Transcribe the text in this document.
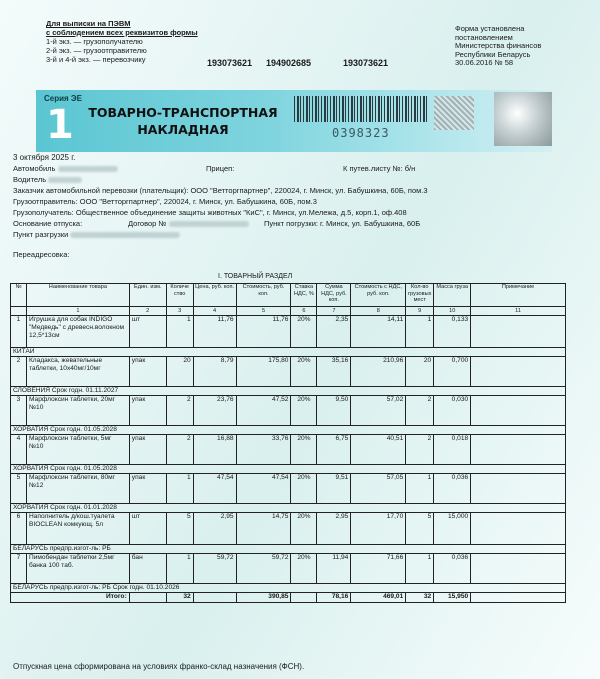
Для выписки на ПЭВМ
с соблюдением всех реквизитов формы
1-й экз. — грузополучателю
2-й экз. — грузоотправителю
3-й и 4-й экз. — перевозчику	193073621 194902685	193073621
Форма установлена
постановлением
Министерства финансов
Республики Беларусь
30.06.2016 № 58
Серия ЭЕ
1 ТОВАРНО-ТРАНСПОРТНАЯ
НАКЛАДНАЯ	0398323
3 октября 2025 г.
Автомобиль	Прицеп:	К путев.листу №: б/н
Водитель
Заказчик автомобильной перевозки (плательщик): ООО "Ветторгпартнер", 220024, г. Минск, ул. Бабушкина, 60Б, пом.3
Грузоотправитель: ООО "Ветторгпартнер", 220024, г. Минск, ул. Бабушкина, 60Б, пом.3
Грузополучатель: Общественное объединение защиты животных "КиС", г. Минск, ул.Мележа, д.5, корп.1, оф.408
Основание отпуска:	Договор №	Пункт погрузки: г. Минск, ул. Бабушкина, 60Б
Пункт разгрузки
Переадресовка:
I. ТОВАРНЫЙ РАЗДЕЛ
№	Наименование товара	Един. изм.	Количе ство	Цена, руб. коп.	Стоимость, руб. коп.	Ставка НДС, %	Сумма НДС, руб. коп.	Стоимость с НДС, руб. коп.	Кол-во грузовых мест	Масса груза	Примечание
	1	2	3	4	5	6	7	8	9	10	11
1	Игрушка для собак INDIGO "Медведь" с древесн.волокном 12,5*13см	шт	1	11,76	11,76	20%	2,35	14,11	1	0,133	
КИТАЙ											
2	Кладакса, жевательные таблетки, 10х40мг/10мг	упак	20	8,79	175,80	20%	35,16	210,96	20	0,700	
СЛОВЕНИЯ Срок годн. 01.11.2027											
3	Марфлоксин таблетки, 20мг №10	упак	2	23,76	47,52	20%	9,50	57,02	2	0,030	
ХОРВАТИЯ Срок годн. 01.05.2028											
4	Марфлоксин таблетки, 5мг №10	упак	2	16,88	33,76	20%	6,75	40,51	2	0,018	
ХОРВАТИЯ Срок годн. 01.05.2028											
5	Марфлоксин таблетки, 80мг №12	упак	1	47,54	47,54	20%	9,51	57,05	1	0,036	
ХОРВАТИЯ Срок годн. 01.01.2028											
6	Наполнитель д/кош.туалета BIOCLEAN комкующ. 5л	шт	5	2,95	14,75	20%	2,95	17,70	5	15,000	
БЕЛАРУСЬ предпр.изгот-ль: РБ											
7	Пимобендан таблетки 2,5мг банка 100 таб.	бан	1	59,72	59,72	20%	11,94	71,66	1	0,036	
БЕЛАРУСЬ предпр.изгот-ль: РБ Срок годн. 01.10.2026											
Итого:			32		390,85		78,16	469,01	32	15,950	
Отпускная цена сформирована на условиях франко-склад назначения (ФСН).
